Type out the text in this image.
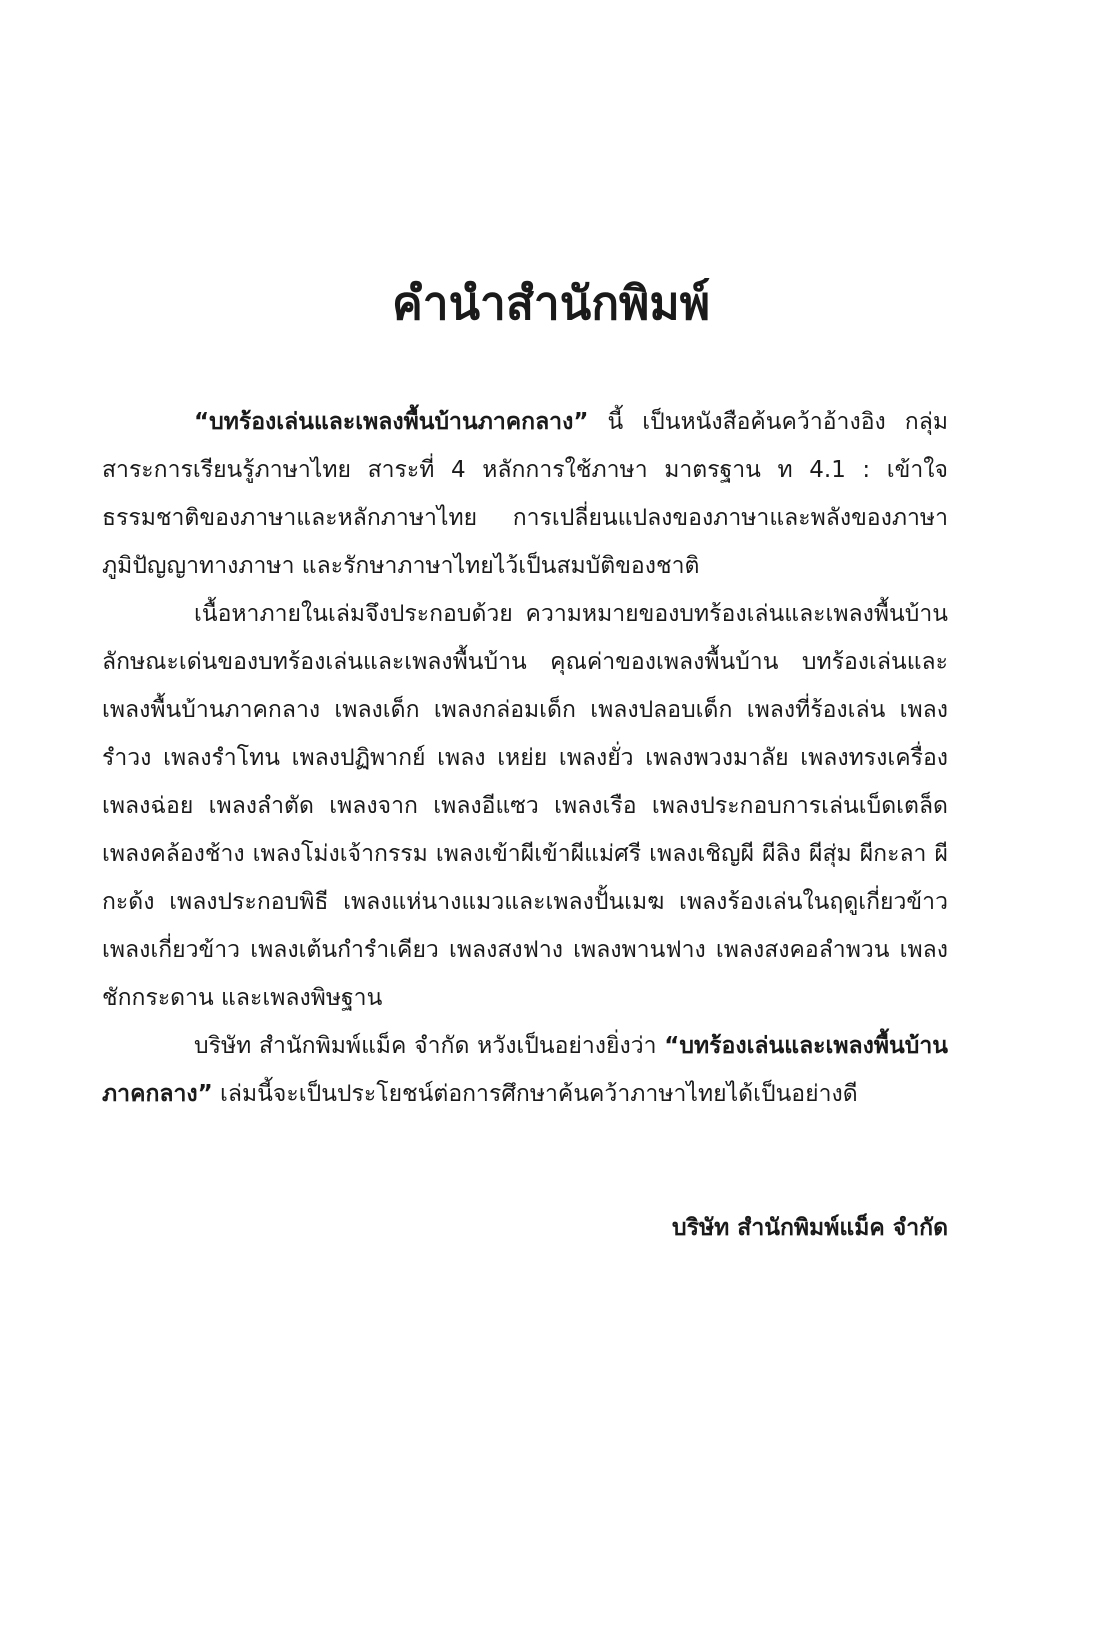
คำนำสำนักพิมพ์

“บทร้องเล่นและเพลงพื้นบ้านภาคกลาง” นี้ เป็นหนังสือค้นคว้าอ้างอิง กลุ่มสาระการเรียนรู้ภาษาไทย สาระที่ 4 หลักการใช้ภาษา มาตรฐาน ท 4.1 : เข้าใจธรรมชาติของภาษาและหลักภาษาไทย การเปลี่ยนแปลงของภาษาและพลังของภาษา ภูมิปัญญาทางภาษา และรักษาภาษาไทยไว้เป็นสมบัติของชาติ

เนื้อหาภายในเล่มจึงประกอบด้วย ความหมายของบทร้องเล่นและเพลงพื้นบ้าน ลักษณะเด่นของบทร้องเล่นและเพลงพื้นบ้าน คุณค่าของเพลงพื้นบ้าน บทร้องเล่นและเพลงพื้นบ้านภาคกลาง เพลงเด็ก เพลงกล่อมเด็ก เพลงปลอบเด็ก เพลงที่ร้องเล่น เพลงรำวง เพลงรำโทน เพลงปฏิพากย์ เพลง เหย่ย เพลงยั่ว เพลงพวงมาลัย เพลงทรงเครื่อง เพลงฉ่อย เพลงลำตัด เพลงจาก เพลงอีแซว เพลงเรือ เพลงประกอบการเล่นเบ็ดเตล็ด เพลงคล้องช้าง เพลงโม่งเจ้ากรรม เพลงเข้าผีเข้าผีแม่ศรี เพลงเชิญผี ผีลิง ผีสุ่ม ผีกะลา ผีกะด้ง เพลงประกอบพิธี เพลงแห่นางแมวและเพลงปั้นเมฆ เพลงร้องเล่นในฤดูเกี่ยวข้าว เพลงเกี่ยวข้าว เพลงเต้นกำรำเคียว เพลงสงฟาง เพลงพานฟาง เพลงสงคอลำพวน เพลงชักกระดาน และเพลงพิษฐาน

บริษัท สำนักพิมพ์แม็ค จำกัด หวังเป็นอย่างยิ่งว่า “บทร้องเล่นและเพลงพื้นบ้านภาคกลาง” เล่มนี้จะเป็นประโยชน์ต่อการศึกษาค้นคว้าภาษาไทยได้เป็นอย่างดี

บริษัท สำนักพิมพ์แม็ค จำกัด
